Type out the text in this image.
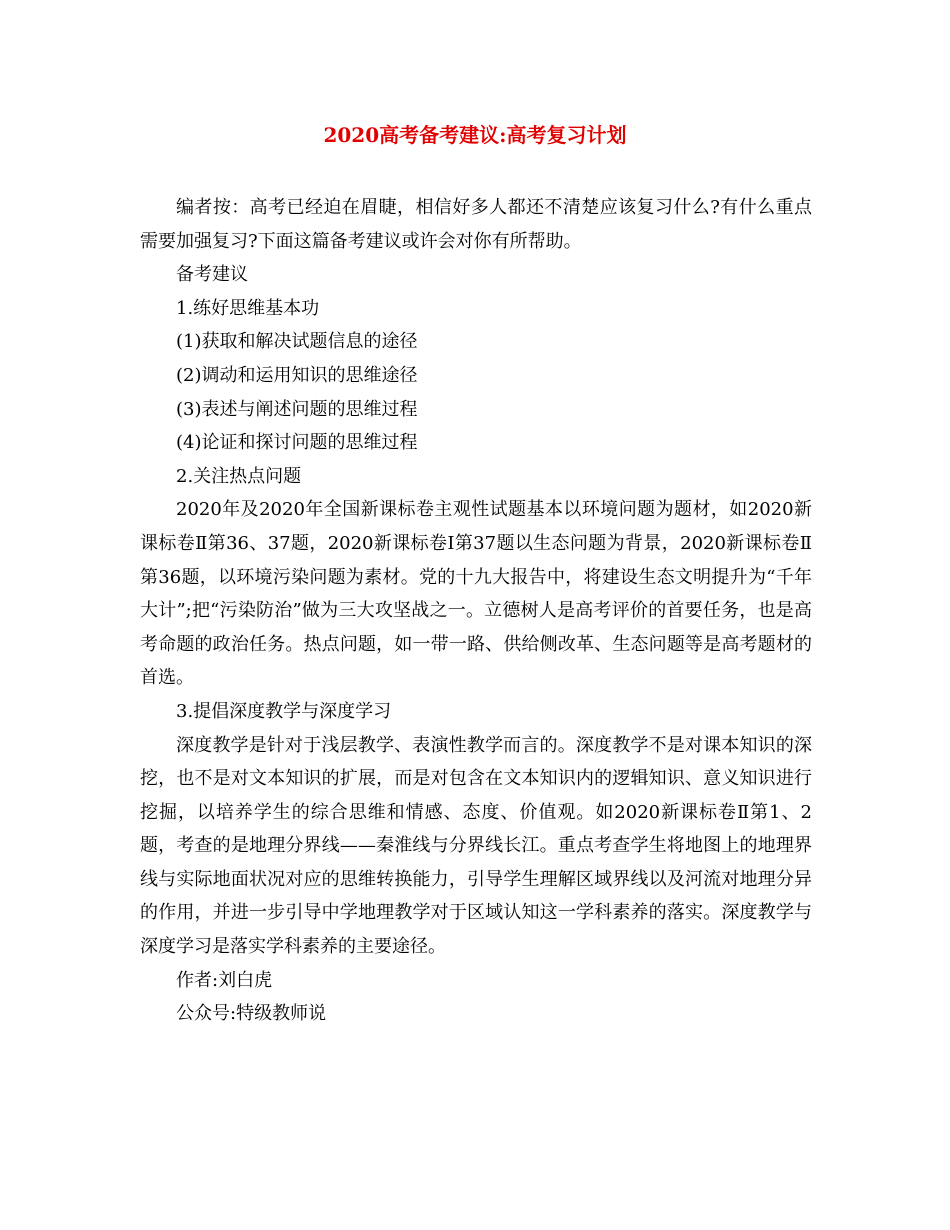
2020高考备考建议:高考复习计划

编者按：高考已经迫在眉睫，相信好多人都还不清楚应该复习什么?有什么重点需要加强复习?下面这篇备考建议或许会对你有所帮助。

备考建议

1.练好思维基本功

(1)获取和解决试题信息的途径

(2)调动和运用知识的思维途径

(3)表述与阐述问题的思维过程

(4)论证和探讨问题的思维过程

2.关注热点问题

2020年及2020年全国新课标卷主观性试题基本以环境问题为题材，如2020新课标卷Ⅱ第36、37题，2020新课标卷Ⅰ第37题以生态问题为背景，2020新课标卷Ⅱ第36题，以环境污染问题为素材。党的十九大报告中，将建设生态文明提升为“千年大计”;把“污染防治”做为三大攻坚战之一。立德树人是高考评价的首要任务，也是高考命题的政治任务。热点问题，如一带一路、供给侧改革、生态问题等是高考题材的首选。

3.提倡深度教学与深度学习

深度教学是针对于浅层教学、表演性教学而言的。深度教学不是对课本知识的深挖，也不是对文本知识的扩展，而是对包含在文本知识内的逻辑知识、意义知识进行挖掘，以培养学生的综合思维和情感、态度、价值观。如2020新课标卷Ⅱ第1、2题，考查的是地理分界线——秦淮线与分界线长江。重点考查学生将地图上的地理界线与实际地面状况对应的思维转换能力，引导学生理解区域界线以及河流对地理分异的作用，并进一步引导中学地理教学对于区域认知这一学科素养的落实。深度教学与深度学习是落实学科素养的主要途径。

作者:刘白虎

公众号:特级教师说
